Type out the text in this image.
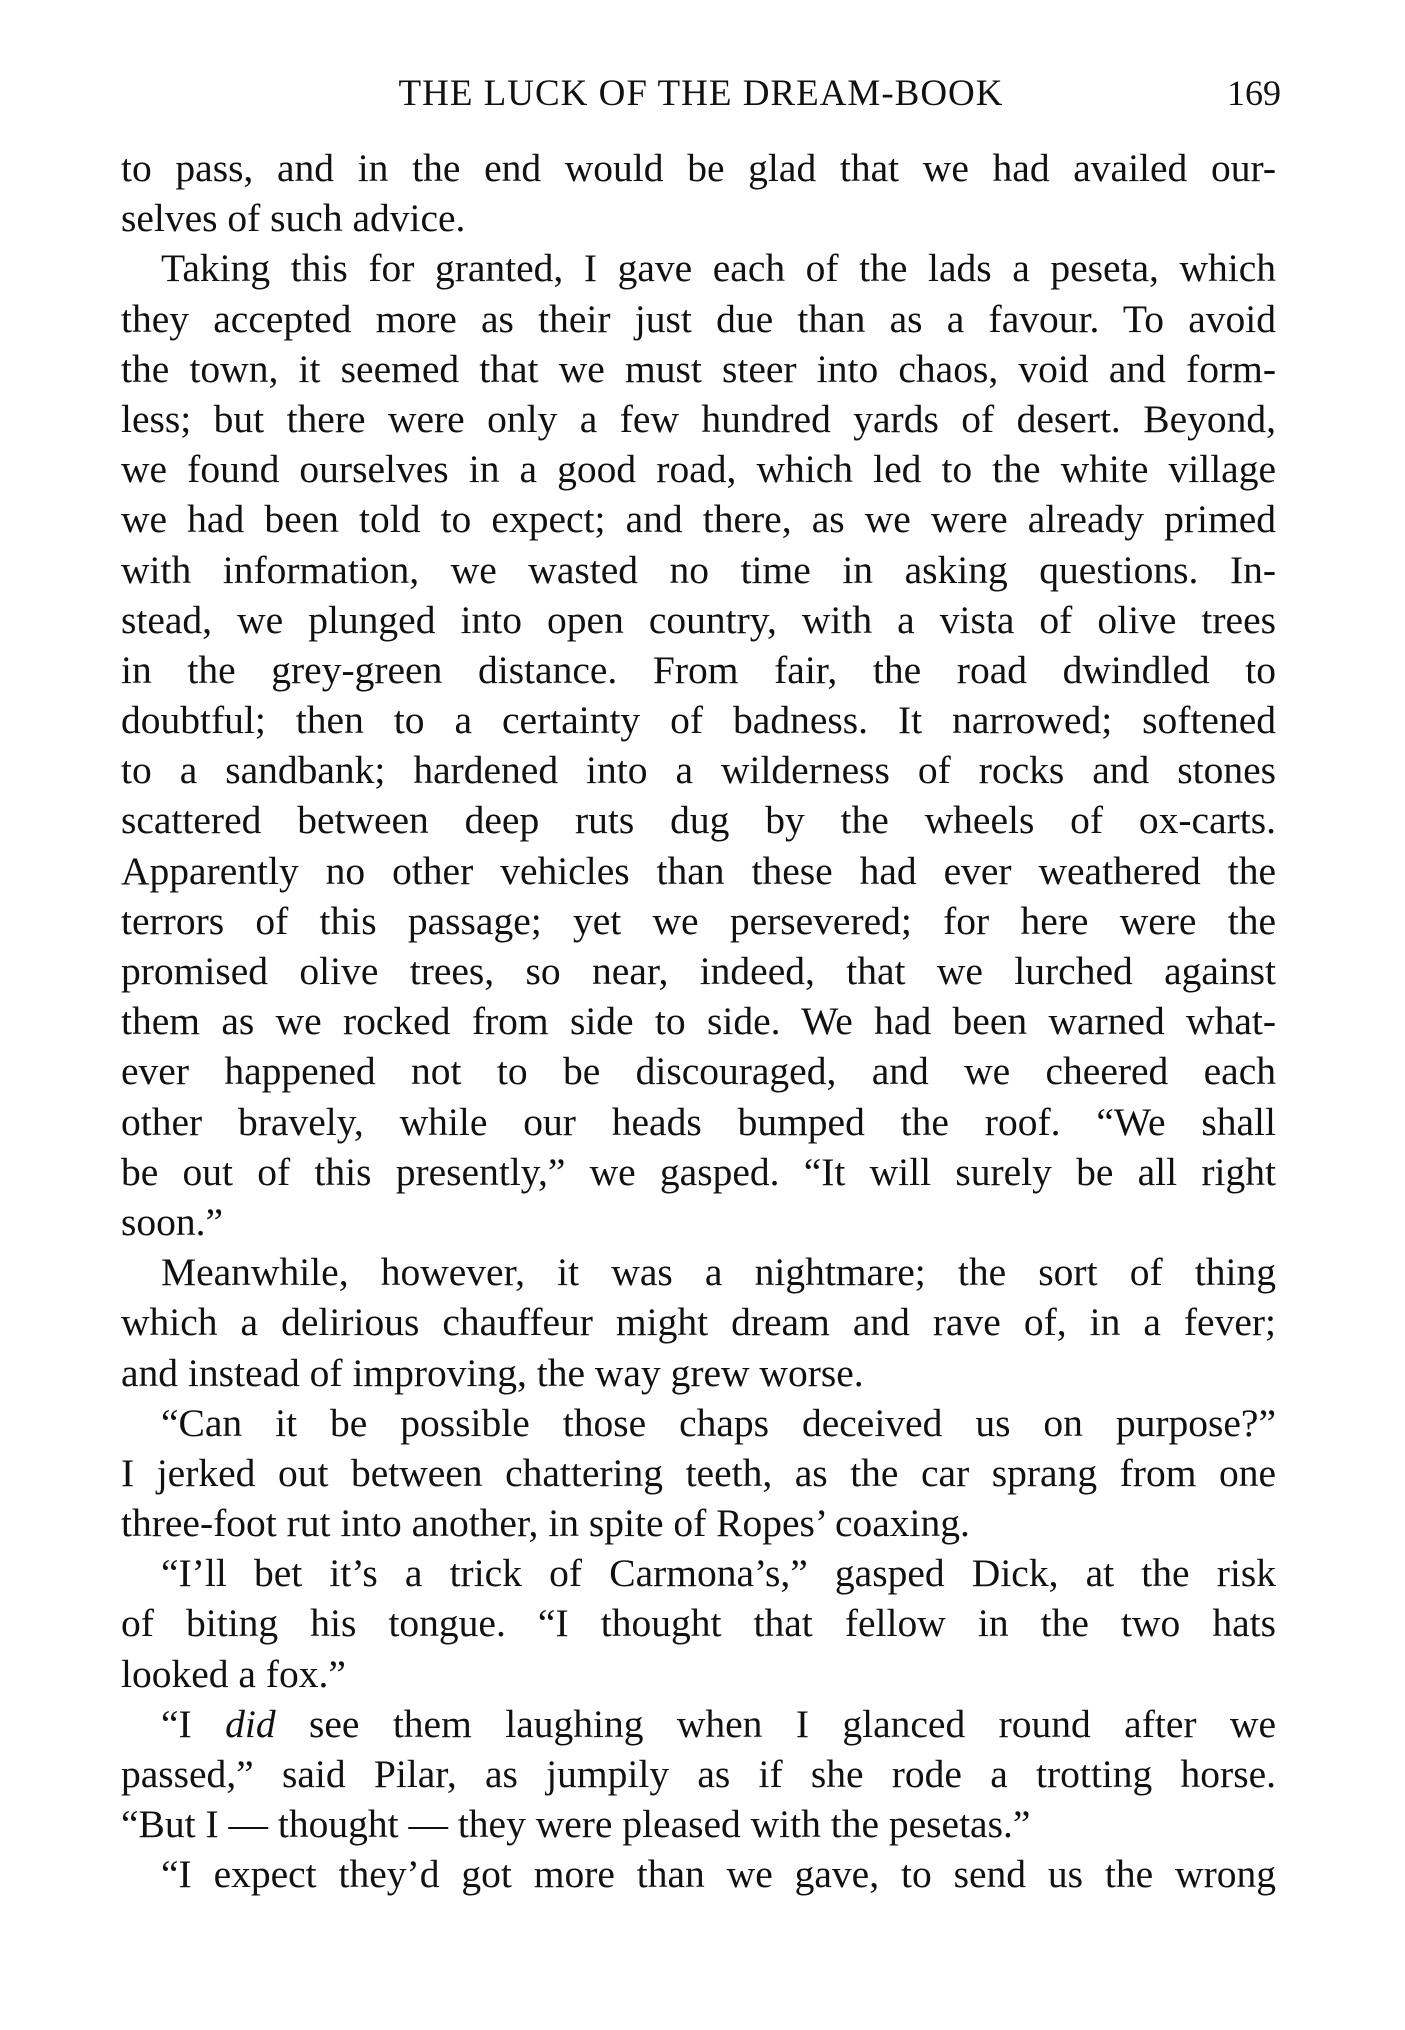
THE LUCK OF THE DREAM-BOOK	169
to pass, and in the end would be glad that we had availed our-
selves of such advice.
Taking this for granted, I gave each of the lads a peseta, which
they accepted more as their just due than as a favour. To avoid
the town, it seemed that we must steer into chaos, void and form-
less; but there were only a few hundred yards of desert. Beyond,
we found ourselves in a good road, which led to the white village
we had been told to expect; and there, as we were already primed
with information, we wasted no time in asking questions. In-
stead, we plunged into open country, with a vista of olive trees
in the grey-green distance. From fair, the road dwindled to
doubtful; then to a certainty of badness. It narrowed; softened
to a sandbank; hardened into a wilderness of rocks and stones
scattered between deep ruts dug by the wheels of ox-carts.
Apparently no other vehicles than these had ever weathered the
terrors of this passage; yet we persevered; for here were the
promised olive trees, so near, indeed, that we lurched against
them as we rocked from side to side. We had been warned what-
ever happened not to be discouraged, and we cheered each
other bravely, while our heads bumped the roof. “We shall
be out of this presently,” we gasped. “It will surely be all right
soon.”
Meanwhile, however, it was a nightmare; the sort of thing
which a delirious chauffeur might dream and rave of, in a fever;
and instead of improving, the way grew worse.
“Can it be possible those chaps deceived us on purpose?”
I jerked out between chattering teeth, as the car sprang from one
three-foot rut into another, in spite of Ropes’ coaxing.
“I’ll bet it’s a trick of Carmona’s,” gasped Dick, at the risk
of biting his tongue. “I thought that fellow in the two hats
looked a fox.”
“I did see them laughing when I glanced round after we
passed,” said Pilar, as jumpily as if she rode a trotting horse.
“But I — thought — they were pleased with the pesetas.”
“I expect they’d got more than we gave, to send us the wrong
